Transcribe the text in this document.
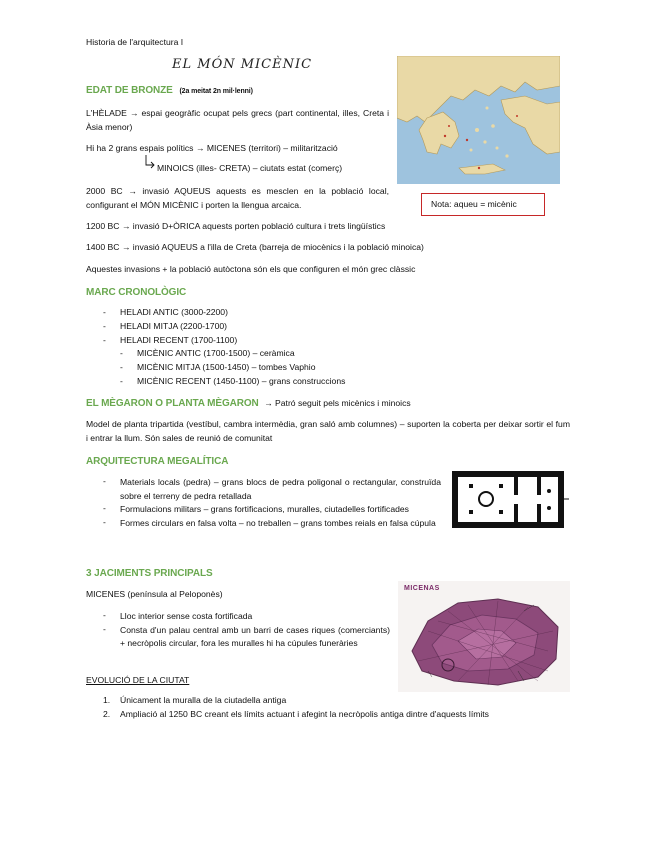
Historia de l'arquitectura I
EL MÓN MICÈNIC
EDAT DE BRONZE (2a meitat 2n mil·lenni)
L'HÈLADE → espai geogràfic ocupat pels grecs (part continental, illes, Creta i Àsia menor)
Hi ha 2 grans espais polítics → MICENES (territori) – militarització
MINOICS (illes- CRETA) – ciutats estat (comerç)
2000 BC → invasió AQUEUS aquests es mesclen en la població local, configurant el MÓN MICÈNIC i porten la llengua arcaica.	Nota: aqueu = micènic
1200 BC → invasió D+ÒRICA aquests porten població cultura i trets lingüístics
1400 BC → invasió AQUEUS a l'illa de Creta (barreja de miocènics i la població minoica)
Aquestes invasions + la població autòctona són els que configuren el món grec clàssic
MARC CRONOLÒGIC
- HELADI ANTIC (3000-2200)
- HELADI MITJA (2200-1700)
- HELADI RECENT (1700-1100)
- MICÈNIC ANTIC (1700-1500) – ceràmica
- MICÈNIC MITJA (1500-1450) – tombes Vaphio
- MICÈNIC RECENT (1450-1100) – grans construccions
EL MÈGARON O PLANTA MÈGARON → Patró seguit pels micènics i minoics
Model de planta tripartida (vestíbul, cambra intermèdia, gran saló amb columnes) – suporten la coberta per deixar sortir el fum i entrar la llum. Són sales de reunió de comunitat
ARQUITECTURA MEGALÍTICA
- Materials locals (pedra) – grans blocs de pedra poligonal o rectangular, construïda sobre el terreny de pedra retallada
- Formulacions militars – grans fortificacions, muralles, ciutadelles fortificades
- Formes circulars en falsa volta – no treballen – grans tombes reials en falsa cúpula
3 JACIMENTS PRINCIPALS
MICENES (península al Peloponès)
- Lloc interior sense costa fortificada
- Consta d'un palau central amb un barri de cases riques (comerciants) + necròpolis circular, fora les muralles hi ha cúpules funeràries
MICENAS
EVOLUCIÓ DE LA CIUTAT
1. Únicament la muralla de la ciutadella antiga
2. Ampliació al 1250 BC creant els límits actuant i afegint la necròpolis antiga dintre d'aquests límits
